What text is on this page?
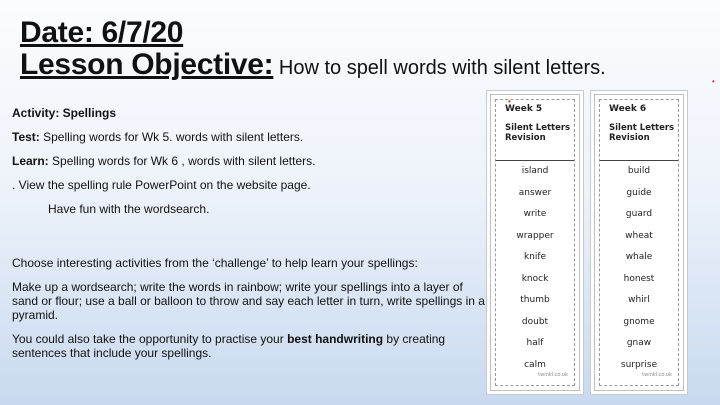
Date: 6/7/20
Lesson Objective: How to spell words with silent letters.

Activity: Spellings

Test: Spelling words for Wk 5. words with silent letters.

Learn: Spelling words for Wk 6 , words with silent letters.

. View the spelling rule PowerPoint on the website page.

Have fun with the wordsearch.

Choose interesting activities from the ‘challenge’ to help learn your spellings:

Make up a wordsearch; write the words in rainbow; write your spellings into a layer of sand or flour; use a ball or balloon to throw and say each letter in turn, write spellings in a pyramid.

You could also take the opportunity to practise your best handwriting by creating sentences that include your spellings.

Week 5
Silent Letters
Revision
island
answer
write
wrapper
knife
knock
thumb
doubt
half
calm
twinkl.co.uk
Week 6
Silent Letters
Revision
build
guide
guard
wheat
whale
honest
whirl
gnome
gnaw
surprise
twinkl.co.uk
•
•
